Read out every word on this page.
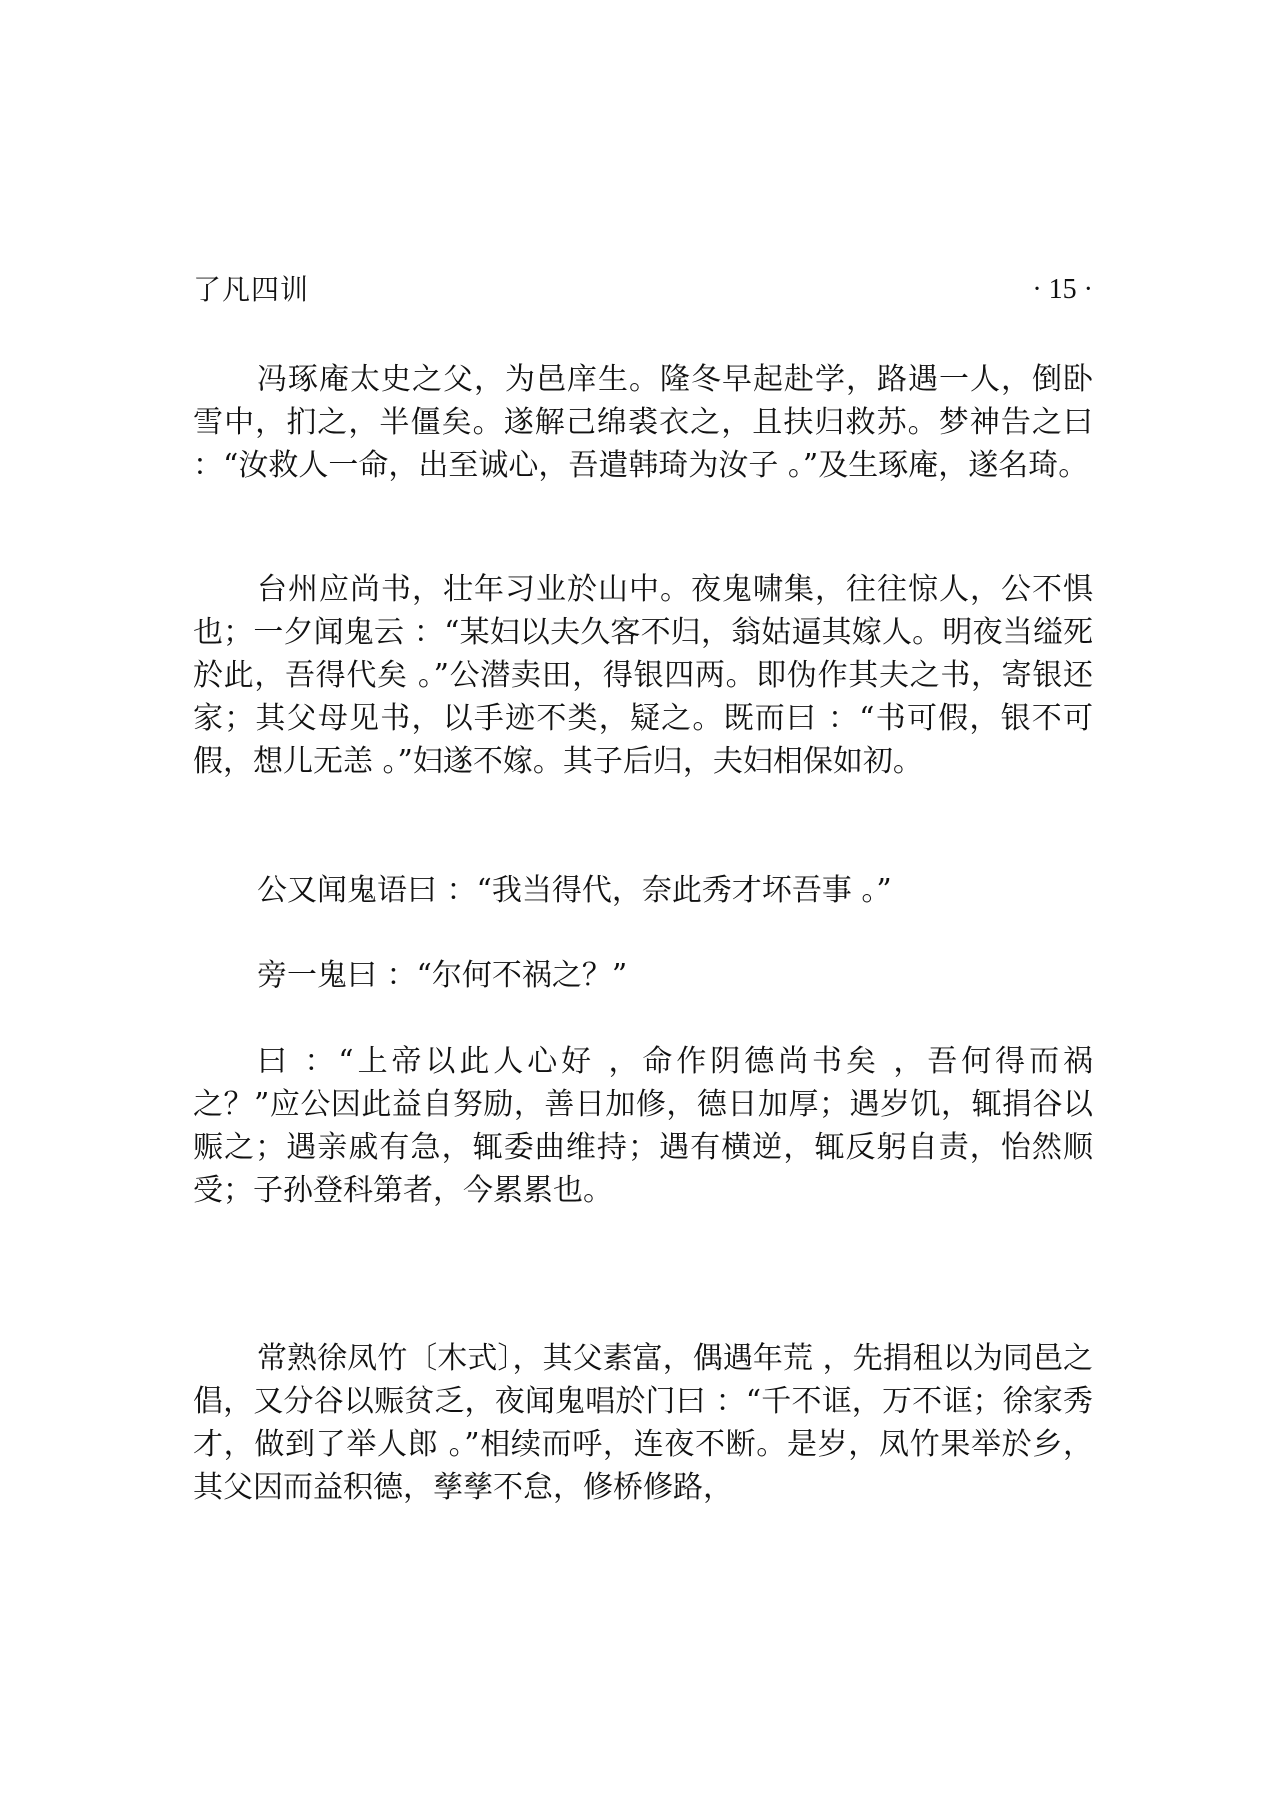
了凡四训	· 15 ·

冯琢庵太史之父，为邑庠生。隆冬早起赴学，路遇一人，倒卧雪中，扪之，半僵矣。遂解己绵裘衣之，且扶归救苏。梦神告之曰 ：“汝救人一命，出至诚心，吾遣韩琦为汝子 。”及生琢庵，遂名琦。

台州应尚书，壮年习业於山中。夜鬼啸集，往往惊人，公不惧也；一夕闻鬼云 ：“某妇以夫久客不归，翁姑逼其嫁人。明夜当缢死於此，吾得代矣 。”公潜卖田，得银四两。即伪作其夫之书，寄银还家；其父母见书，以手迹不类，疑之。既而曰 ：“书可假，银不可假，想儿无恙 。”妇遂不嫁。其子后归，夫妇相保如初。

公又闻鬼语曰 ：“我当得代，奈此秀才坏吾事 。”

旁一鬼曰 ：“尔何不祸之？”

曰 ：“上帝以此人心好 ，命作阴德尚书矣 ，吾何得而祸之？”应公因此益自努励，善日加修，德日加厚；遇岁饥，辄捐谷以赈之；遇亲戚有急，辄委曲维持；遇有横逆，辄反躬自责，怡然顺受；子孙登科第者，今累累也。

常熟徐凤竹〔木式〕，其父素富，偶遇年荒 ，先捐租以为同邑之倡，又分谷以赈贫乏，夜闻鬼唱於门曰 ：“千不诓，万不诓；徐家秀才，做到了举人郎 。”相续而呼，连夜不断。是岁，凤竹果举於乡，其父因而益积德，孳孳不怠，修桥修路，
